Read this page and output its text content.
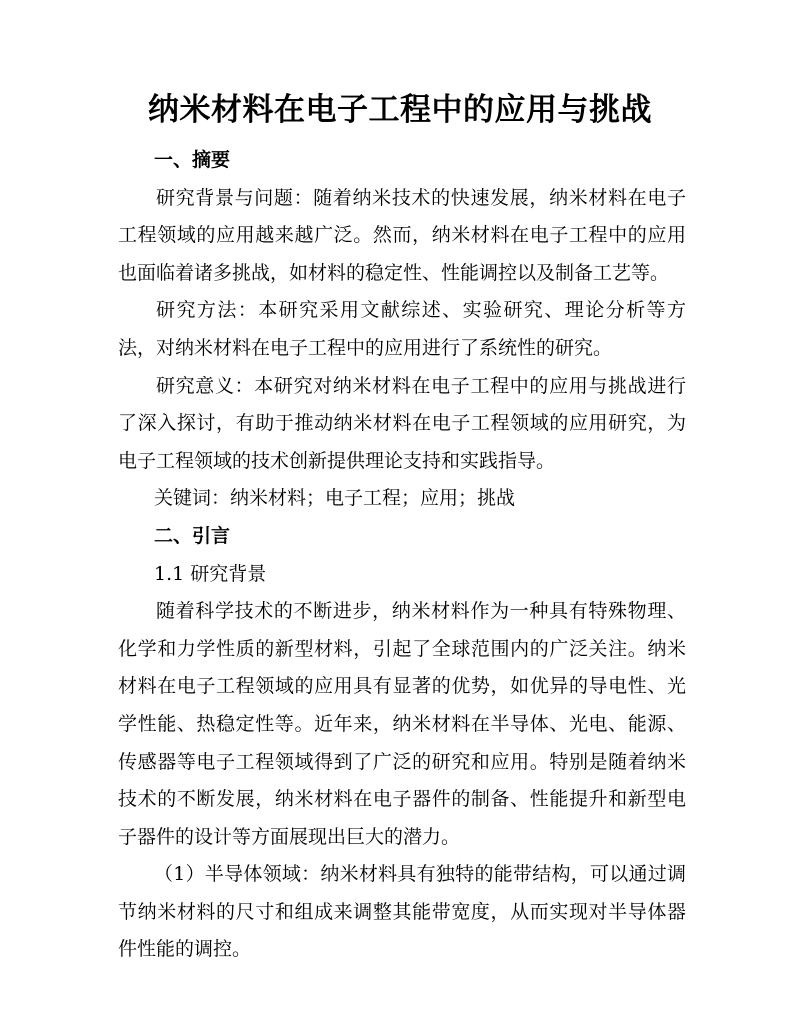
纳米材料在电子工程中的应用与挑战
一、摘要

研究背景与问题：随着纳米技术的快速发展，纳米材料在电子工程领域的应用越来越广泛。然而，纳米材料在电子工程中的应用也面临着诸多挑战，如材料的稳定性、性能调控以及制备工艺等。

研究方法：本研究采用文献综述、实验研究、理论分析等方法，对纳米材料在电子工程中的应用进行了系统性的研究。

研究意义：本研究对纳米材料在电子工程中的应用与挑战进行了深入探讨，有助于推动纳米材料在电子工程领域的应用研究，为电子工程领域的技术创新提供理论支持和实践指导。

关键词：纳米材料；电子工程；应用；挑战

二、引言

1.1 研究背景

随着科学技术的不断进步，纳米材料作为一种具有特殊物理、化学和力学性质的新型材料，引起了全球范围内的广泛关注。纳米材料在电子工程领域的应用具有显著的优势，如优异的导电性、光学性能、热稳定性等。近年来，纳米材料在半导体、光电、能源、传感器等电子工程领域得到了广泛的研究和应用。特别是随着纳米技术的不断发展，纳米材料在电子器件的制备、性能提升和新型电子器件的设计等方面展现出巨大的潜力。

（1）半导体领域：纳米材料具有独特的能带结构，可以通过调节纳米材料的尺寸和组成来调整其能带宽度，从而实现对半导体器件性能的调控。
